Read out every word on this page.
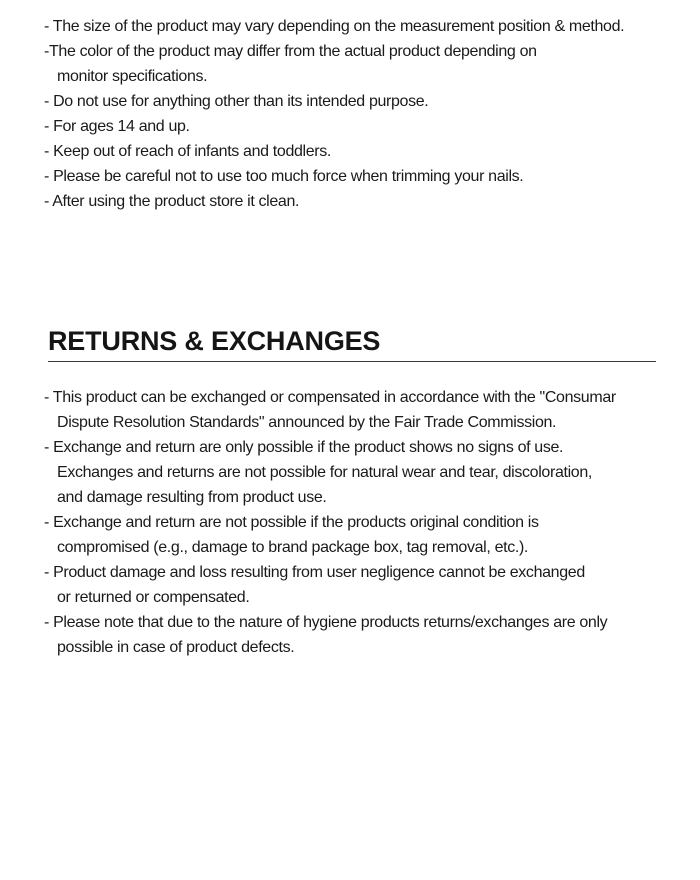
- The size of the product may vary depending on the measurement position & method.
-The color of the product may differ from the actual product depending on
monitor specifications.
- Do not use for anything other than its intended purpose.
- For ages 14 and up.
- Keep out of reach of infants and toddlers.
- Please be careful not to use too much force when trimming your nails.
- After using the product store it clean.
RETURNS & EXCHANGES
- This product can be exchanged or compensated in accordance with the "Consumar
Dispute Resolution Standards" announced by the Fair Trade Commission.
- Exchange and return are only possible if the product shows no signs of use.
Exchanges and returns are not possible for natural wear and tear, discoloration,
and damage resulting from product use.
- Exchange and return are not possible if the products original condition is
compromised (e.g., damage to brand package box, tag removal, etc.).
- Product damage and loss resulting from user negligence cannot be exchanged
or returned or compensated.
- Please note that due to the nature of hygiene products returns/exchanges are only
possible in case of product defects.
